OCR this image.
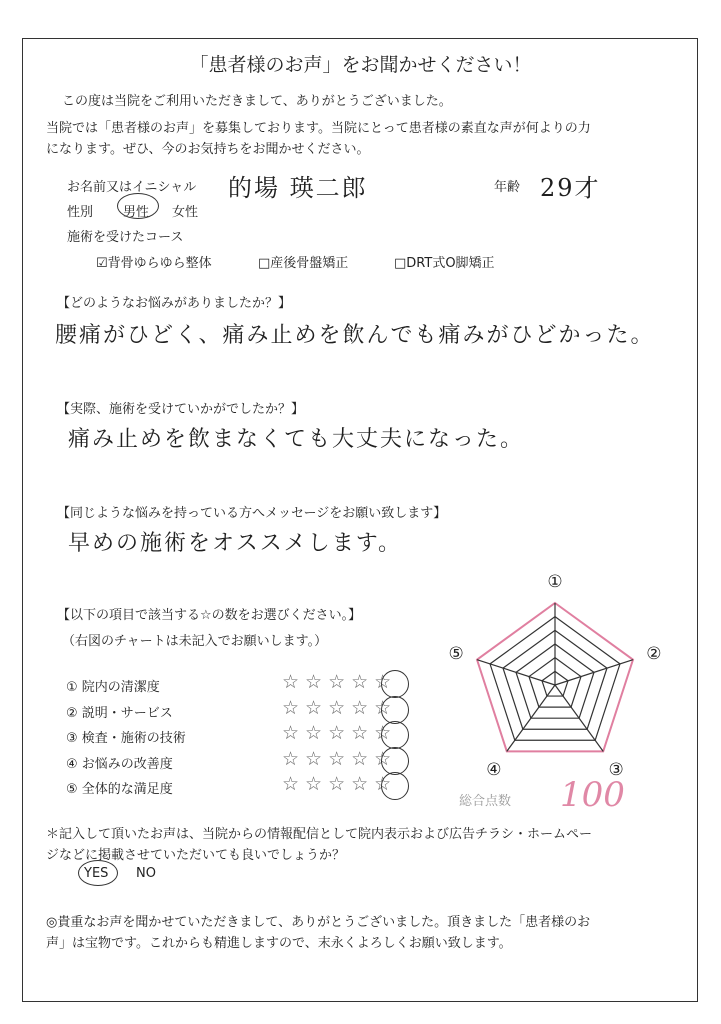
「患者様のお声」をお聞かせください！
この度は当院をご利用いただきまして、ありがとうございました。
当院では「患者様のお声」を募集しております。当院にとって患者様の素直な声が何よりの力
になります。ぜひ、今のお気持ちをお聞かせください。
お名前又はイニシャル 的場 瑛二郎	年齢 29才
性別 男性 女性
施術を受けたコース
☑背骨ゆらゆら整体	□産後骨盤矯正	□DRT式O脚矯正
【どのようなお悩みがありましたか？】
腰痛がひどく、痛み止めを飲んでも痛みがひどかった。
【実際、施術を受けていかがでしたか？】
痛み止めを飲まなくても大丈夫になった。
【同じような悩みを持っている方へメッセージをお願い致します】
早めの施術をオススメします。
【以下の項目で該当する☆の数をお選びください。】
（右図のチャートは未記入でお願いします。）
① 院内の清潔度	☆☆☆☆☆
② 説明・サービス	☆☆☆☆☆
③ 検査・施術の技術	☆☆☆☆☆
④ お悩みの改善度	☆☆☆☆☆
⑤ 全体的な満足度	☆☆☆☆☆
①
②
③
④
⑤
総合点数 100
＊記入して頂いたお声は、当院からの情報配信として院内表示および広告チラシ・ホームペー
ジなどに掲載させていただいても良いでしょうか？
YES NO
◎貴重なお声を聞かせていただきまして、ありがとうございました。頂きました「患者様のお
声」は宝物です。これからも精進しますので、末永くよろしくお願い致します。
